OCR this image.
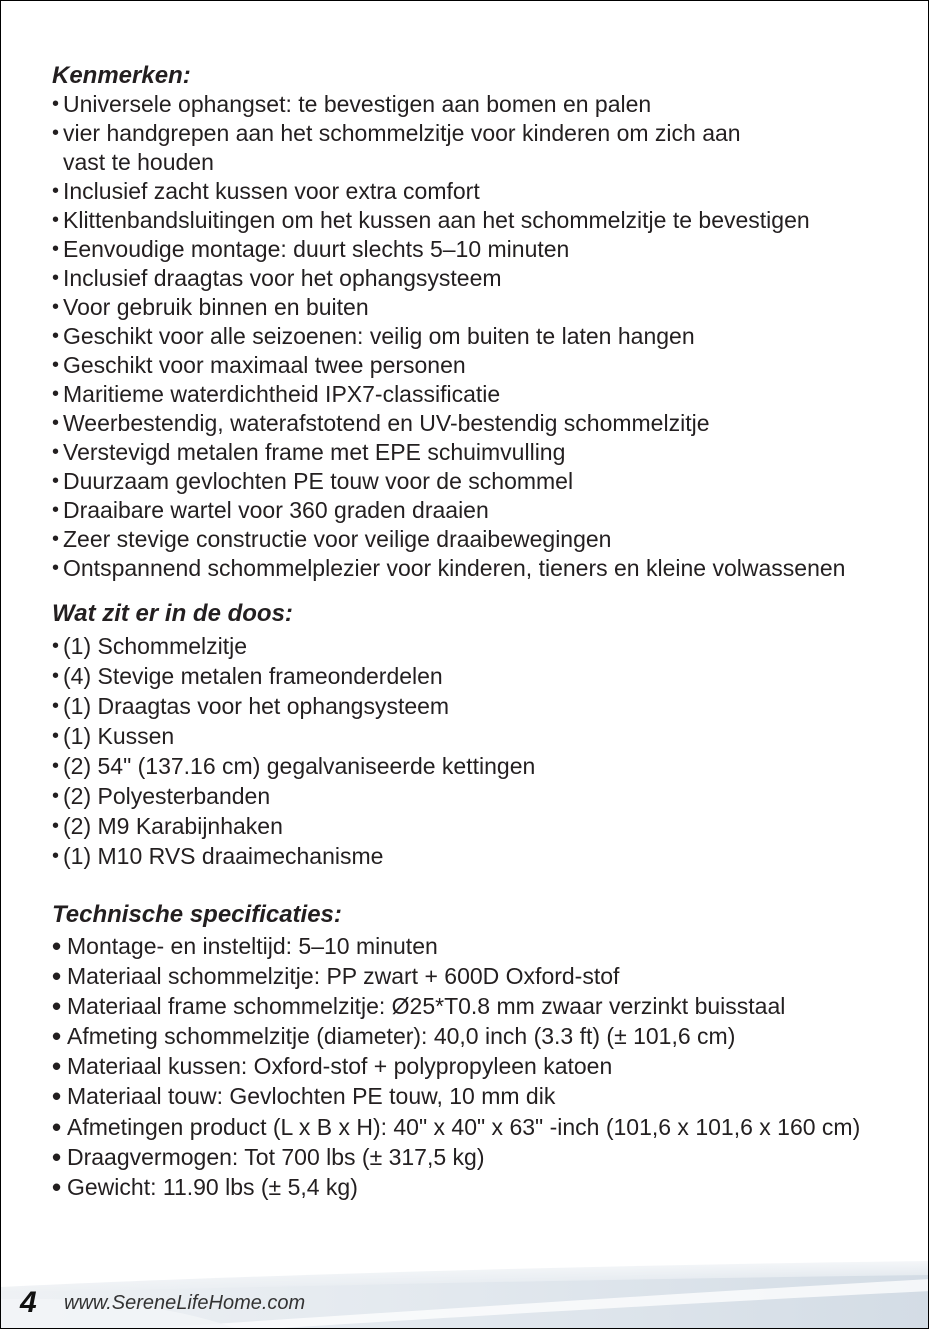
Kenmerken:
•
Universele ophangset: te bevestigen aan bomen en palen
•
vier handgrepen aan het schommelzitje voor kinderen om zich aan vast te houden
•
Inclusief zacht kussen voor extra comfort
•
Klittenbandsluitingen om het kussen aan het schommelzitje te bevestigen
•
Eenvoudige montage: duurt slechts 5–10 minuten
•
Inclusief draagtas voor het ophangsysteem
•
Voor gebruik binnen en buiten
•
Geschikt voor alle seizoenen: veilig om buiten te laten hangen
•
Geschikt voor maximaal twee personen
•
Maritieme waterdichtheid IPX7-classificatie
•
Weerbestendig, waterafstotend en UV-bestendig schommelzitje
•
Verstevigd metalen frame met EPE schuimvulling
•
Duurzaam gevlochten PE touw voor de schommel
•
Draaibare wartel voor 360 graden draaien
•
Zeer stevige constructie voor veilige draaibewegingen
•
Ontspannend schommelplezier voor kinderen, tieners en kleine volwassenen
Wat zit er in de doos:
•
(1) Schommelzitje
•
(4) Stevige metalen frameonderdelen
•
(1) Draagtas voor het ophangsysteem
•
(1) Kussen
•
(2) 54" (137.16 cm) gegalvaniseerde kettingen
•
(2) Polyesterbanden
•
(2) M9 Karabijnhaken
•
(1) M10 RVS draaimechanisme
Technische specificaties:
•
Montage- en insteltijd: 5–10 minuten
•
Materiaal schommelzitje: PP zwart + 600D Oxford-stof
•
Materiaal frame schommelzitje: Ø25*T0.8 mm zwaar verzinkt buisstaal
•
Afmeting schommelzitje (diameter): 40,0 inch (3.3 ft) (± 101,6 cm)
•
Materiaal kussen: Oxford-stof + polypropyleen katoen
•
Materiaal touw: Gevlochten PE touw, 10 mm dik
•
Afmetingen product (L x B x H): 40" x 40" x 63" -inch (101,6 x 101,6 x 160 cm)
•
Draagvermogen: Tot 700 lbs (± 317,5 kg)
•
Gewicht: 11.90 lbs (± 5,4 kg)
4 www.SereneLifeHome.com
